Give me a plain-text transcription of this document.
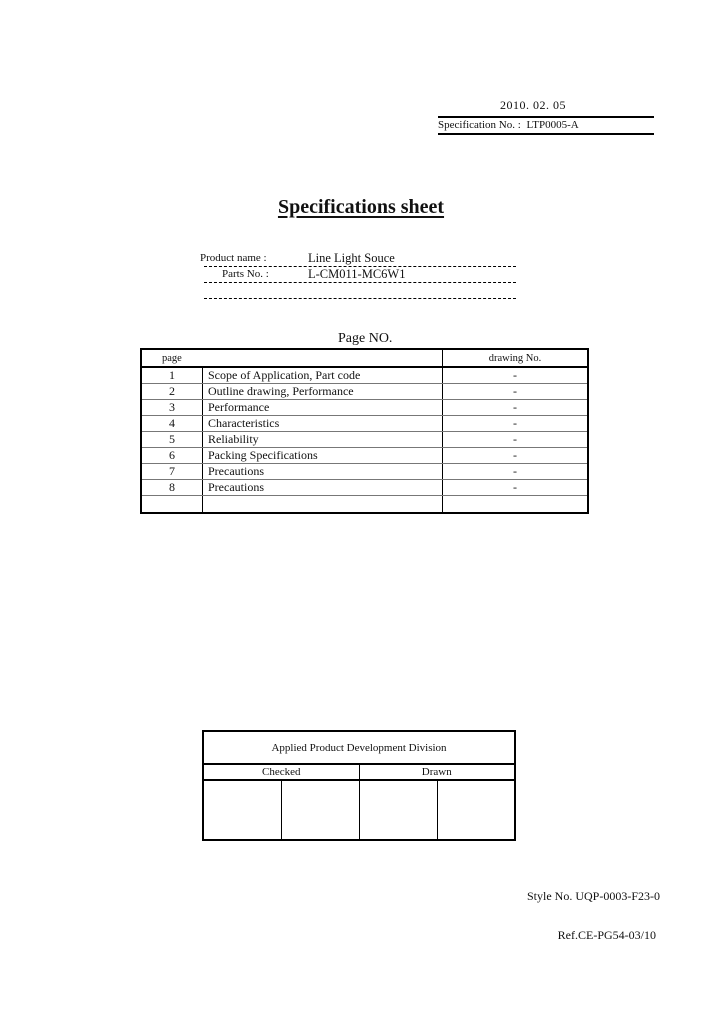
2010. 02. 05
Specification No. : LTP0005-A
Specifications sheet
Product name :	Line Light Souce
Parts No. :	L-CM011-MC6W1
Page NO.
page		drawing No.
1	Scope of Application, Part code	-
2	Outline drawing, Performance	-
3	Performance	-
4	Characteristics	-
5	Reliability	-
6	Packing Specifications	-
7	Precautions	-
8	Precautions	-

Applied Product Development Division			
Checked		Drawn	

Style No. UQP-0003-F23-0
Ref.CE-PG54-03/10
